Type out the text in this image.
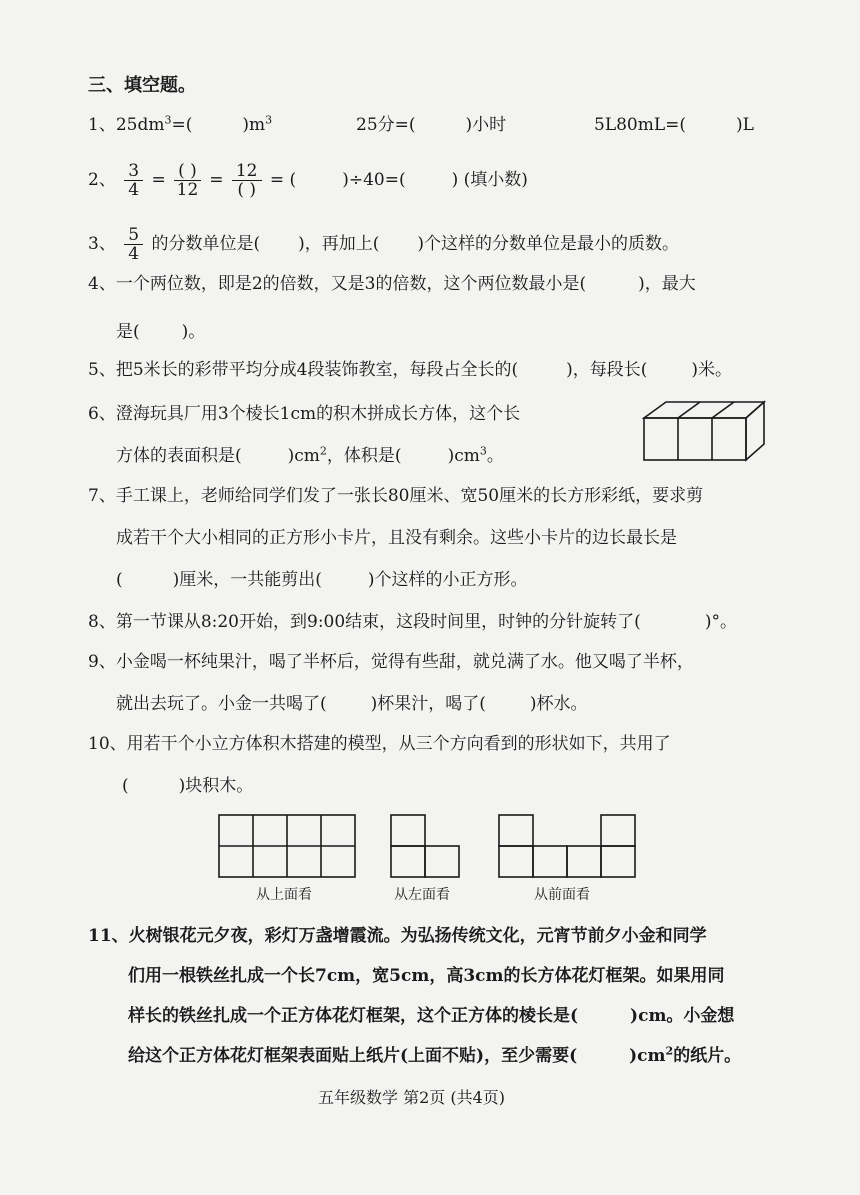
三、填空题。
1、$25dm^3=$(	)$m^3$	25分=(	)小时	5L80mL=(	)L
2、 $\frac{3}{4} = \frac{( )}{12} = \frac{12}{( )}$ = (	)÷40=(	) (填小数)
3、 $\frac{5}{4}$ 的分数单位是( )，再加上( )个这样的分数单位是最小的质数。
4、一个两位数，即是2的倍数，又是3的倍数，这个两位数最小是(	)，最大
是( )。
5、把5米长的彩带平均分成4段装饰教室，每段占全长的(	)，每段长(	)米。
6、澄海玩具厂用3个棱长1cm的积木拼成长方体，这个长
方体的表面积是(	)$cm^2$，体积是(	)$cm^3$。
7、手工课上，老师给同学们发了一张长80厘米、宽50厘米的长方形彩纸，要求剪
成若干个大小相同的正方形小卡片，且没有剩余。这些小卡片的边长最长是
(	)厘米，一共能剪出(	)个这样的小正方形。
8、第一节课从8:20开始，到9:00结束，这段时间里，时钟的分针旋转了(	)°。
9、小金喝一杯纯果汁，喝了半杯后，觉得有些甜，就兑满了水。他又喝了半杯，
就出去玩了。小金一共喝了(	)杯果汁，喝了(	)杯水。
10、用若干个小立方体积木搭建的模型，从三个方向看到的形状如下，共用了
(	)块积木。
从上面看	从左面看	从前面看
11、火树银花元夕夜，彩灯万盏增霞流。为弘扬传统文化，元宵节前夕小金和同学
们用一根铁丝扎成一个长7cm，宽5cm，高3cm的长方体花灯框架。如果用同
样长的铁丝扎成一个正方体花灯框架，这个正方体的棱长是(	)cm。小金想
给这个正方体花灯框架表面贴上纸片(上面不贴)，至少需要(	)$cm^2$的纸片。
五年级数学 第2页 (共4页)
